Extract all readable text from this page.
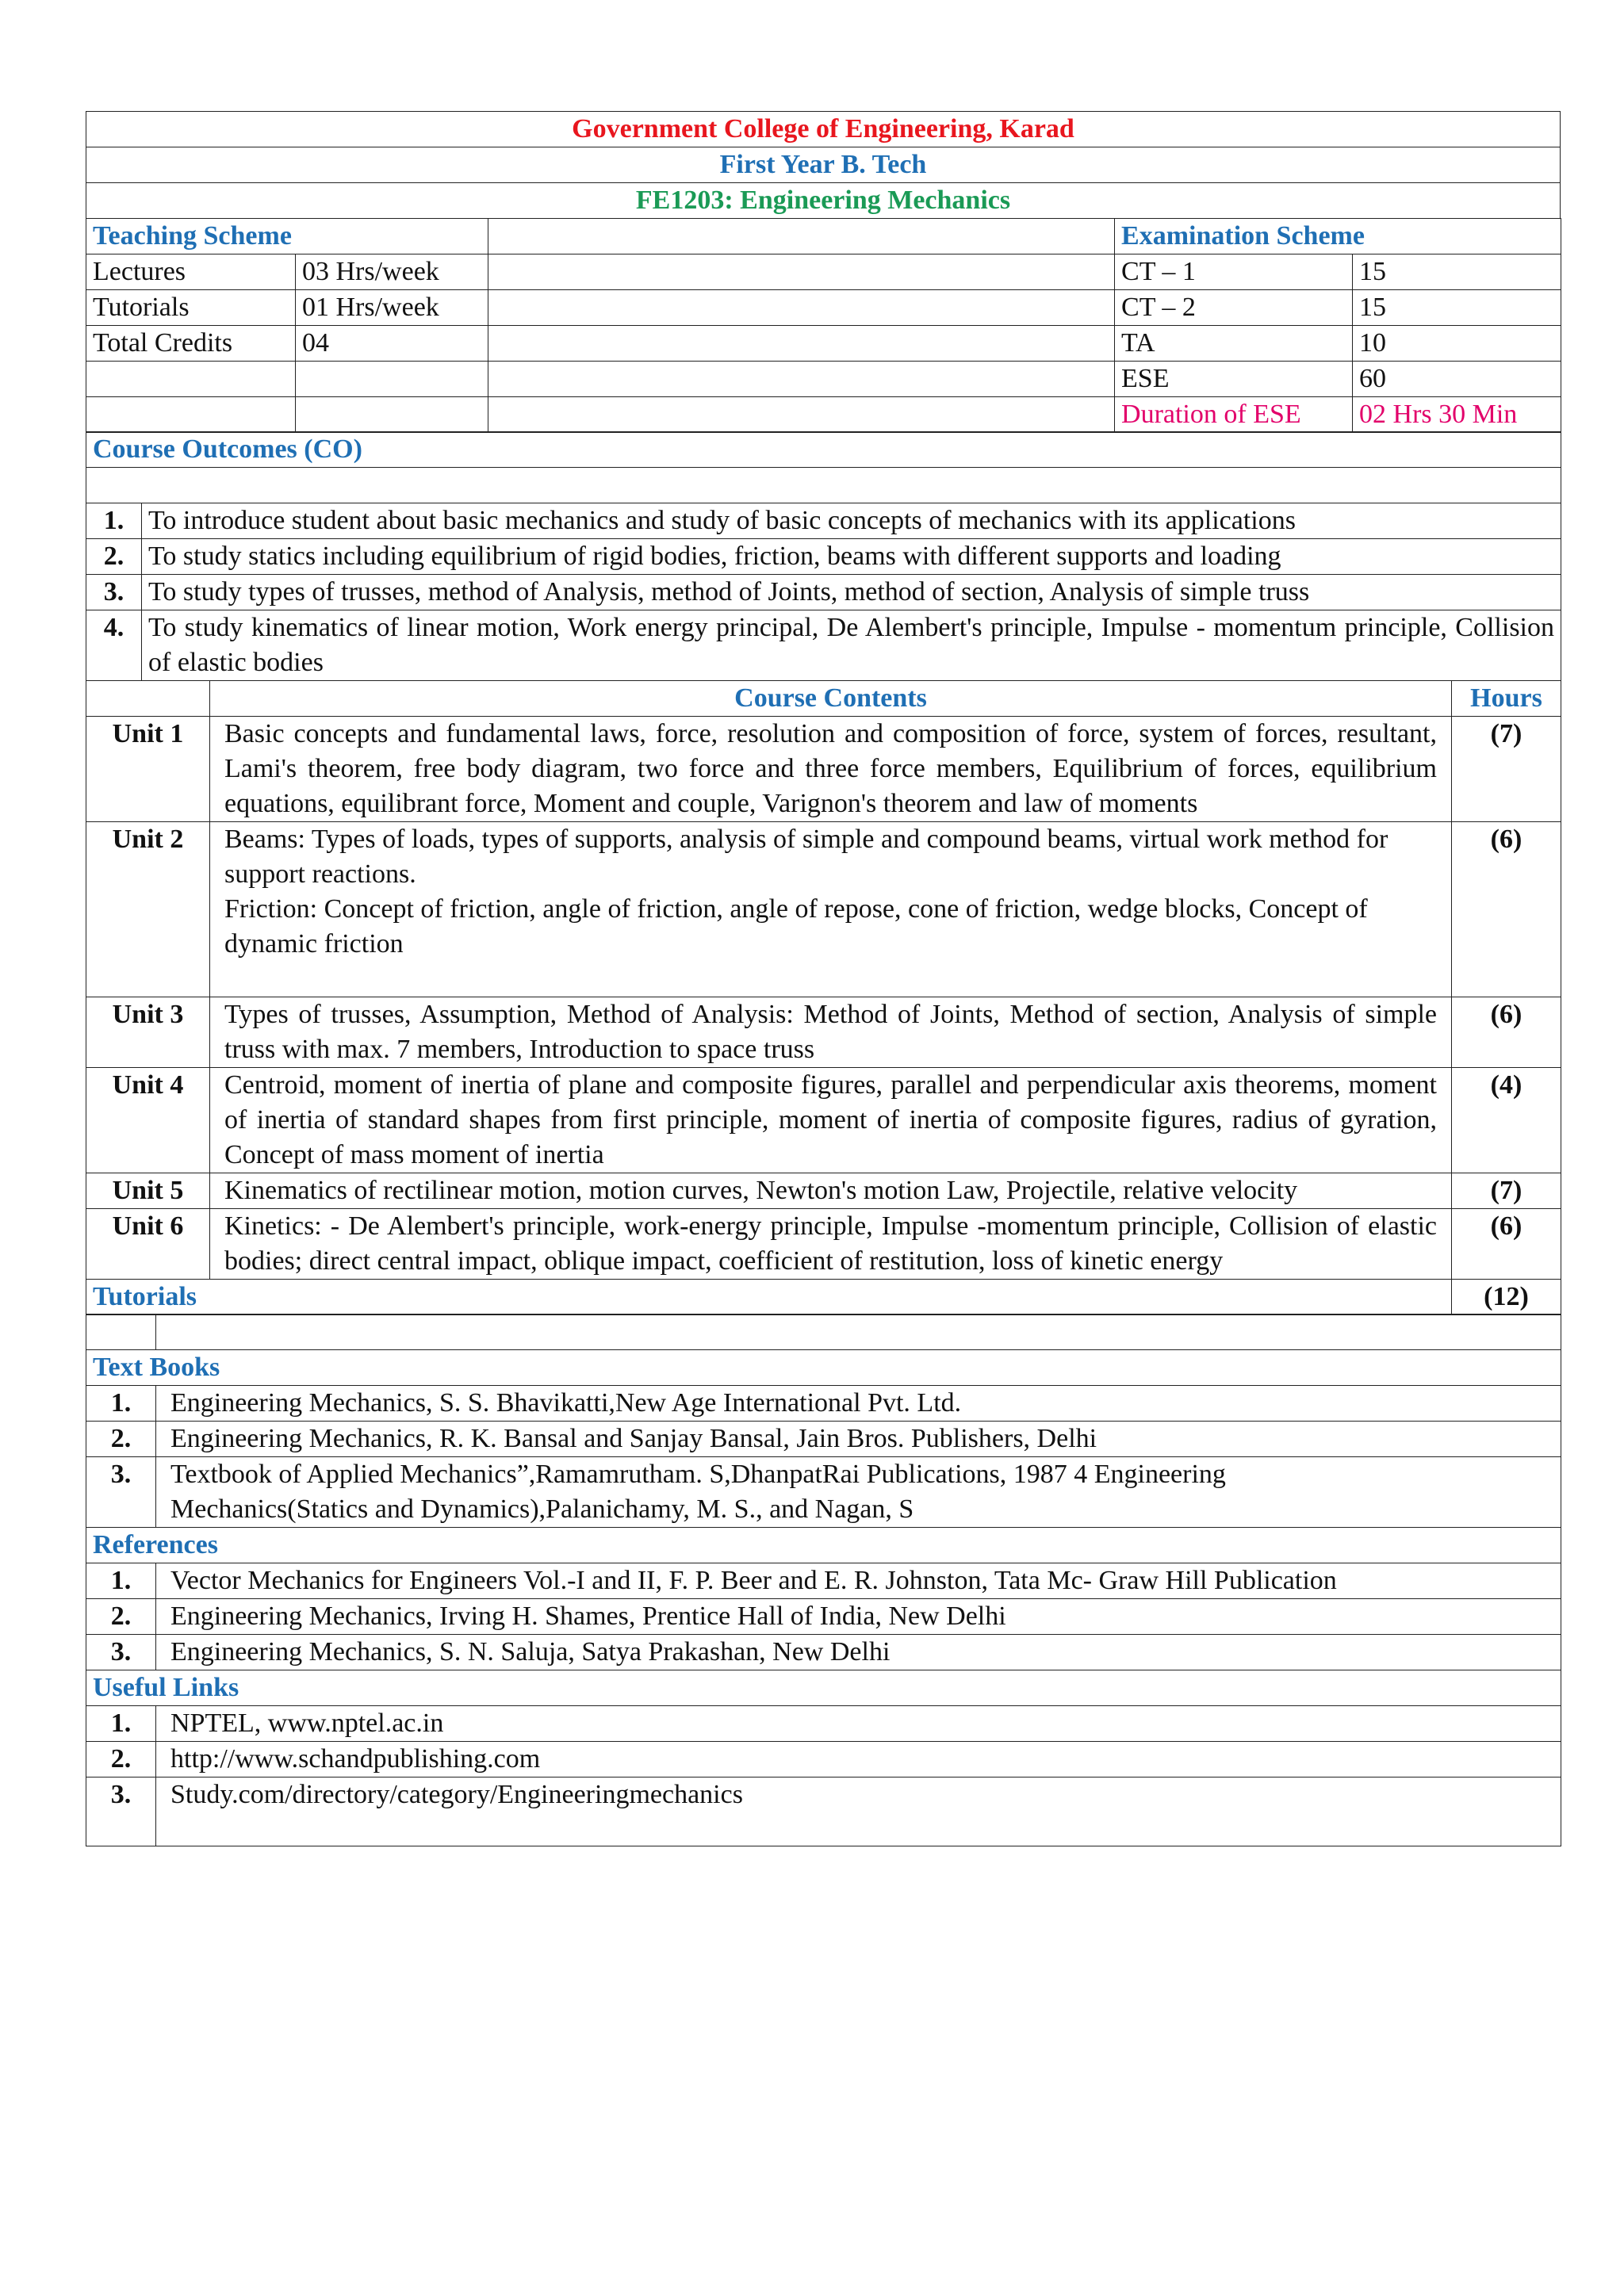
Government College of Engineering, Karad
First Year B. Tech
FE1203: Engineering Mechanics
Teaching Scheme			Examination Scheme	
Lectures	03 Hrs/week		CT – 1	15
Tutorials	01 Hrs/week		CT – 2	15
Total Credits	04		TA	10
			ESE	60
			Duration of ESE	02 Hrs 30 Min
Course Outcomes (CO)	

1.	To introduce student about basic mechanics and study of basic concepts of mechanics with its applications
2.	To study statics including equilibrium of rigid bodies, friction, beams with different supports and loading
3.	To study types of trusses, method of Analysis, method of Joints, method of section, Analysis of simple truss
4.	To study kinematics of linear motion, Work energy principal, De Alembert's principle, Impulse - momentum principle, Collision of elastic bodies
	Course Contents	Hours
Unit 1	Basic concepts and fundamental laws, force, resolution and composition of force, system of forces, resultant, Lami's theorem, free body diagram, two force and three force members, Equilibrium of forces, equilibrium equations, equilibrant force, Moment and couple, Varignon's theorem and law of moments	(7)
Unit 2	Beams: Types of loads, types of supports, analysis of simple and compound beams, virtual work method for support reactions.
Friction: Concept of friction, angle of friction, angle of repose, cone of friction, wedge blocks, Concept of dynamic friction	(6)
Unit 3	Types of trusses, Assumption, Method of Analysis: Method of Joints, Method of section, Analysis of simple truss with max. 7 members, Introduction to space truss	(6)
Unit 4	Centroid, moment of inertia of plane and composite figures, parallel and perpendicular axis theorems, moment of inertia of standard shapes from first principle, moment of inertia of composite figures, radius of gyration, Concept of mass moment of inertia	(4)
Unit 5	Kinematics of rectilinear motion, motion curves, Newton's motion Law, Projectile, relative velocity	(7)
Unit 6	Kinetics: - De Alembert's principle, work-energy principle, Impulse -momentum principle, Collision of elastic bodies; direct central impact, oblique impact, coefficient of restitution, loss of kinetic energy	(6)
Tutorials		(12)

Text Books	
1.	Engineering Mechanics, S. S. Bhavikatti,New Age International Pvt. Ltd.
2.	Engineering Mechanics, R. K. Bansal and Sanjay Bansal, Jain Bros. Publishers, Delhi
3.	Textbook of Applied Mechanics”,Ramamrutham. S,DhanpatRai Publications, 1987 4 Engineering Mechanics(Statics and Dynamics),Palanichamy, M. S., and Nagan, S
References	
1.	Vector Mechanics for Engineers Vol.-I and II, F. P. Beer and E. R. Johnston, Tata Mc- Graw Hill Publication
2.	Engineering Mechanics, Irving H. Shames, Prentice Hall of India, New Delhi
3.	Engineering Mechanics, S. N. Saluja, Satya Prakashan, New Delhi
Useful Links	
1.	NPTEL, www.nptel.ac.in
2.	http://www.schandpublishing.com
3.	Study.com/directory/category/Engineeringmechanics
